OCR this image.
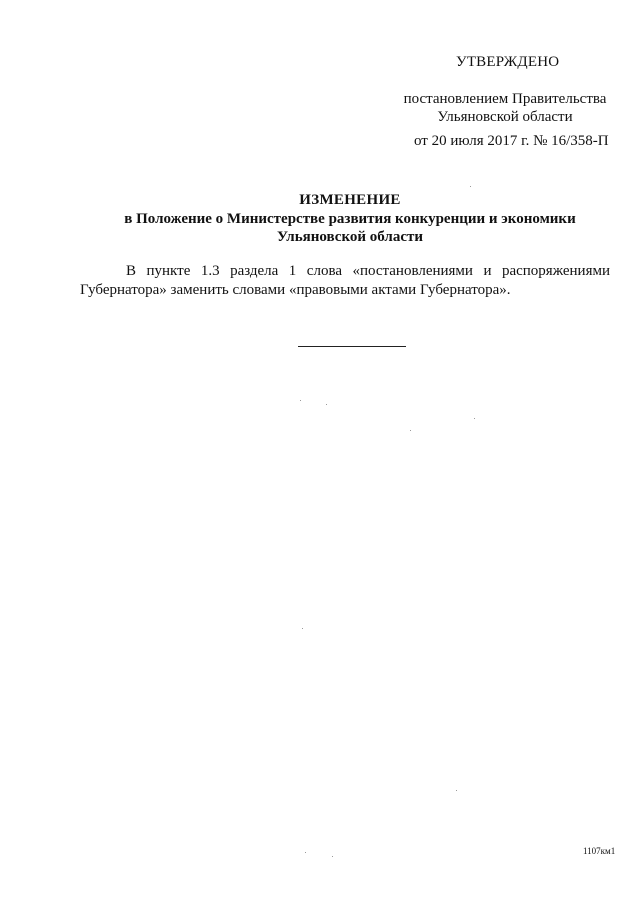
УТВЕРЖДЕНО
постановлением Правительства
Ульяновской области
от 20 июля 2017 г. № 16/358-П
ИЗМЕНЕНИЕ
в Положение о Министерстве развития конкуренции и экономики
Ульяновской области
В пункте 1.3 раздела 1 слова «постановлениями и распоряжениями Губернатора» заменить словами «правовыми актами Губернатора».
1107км1
